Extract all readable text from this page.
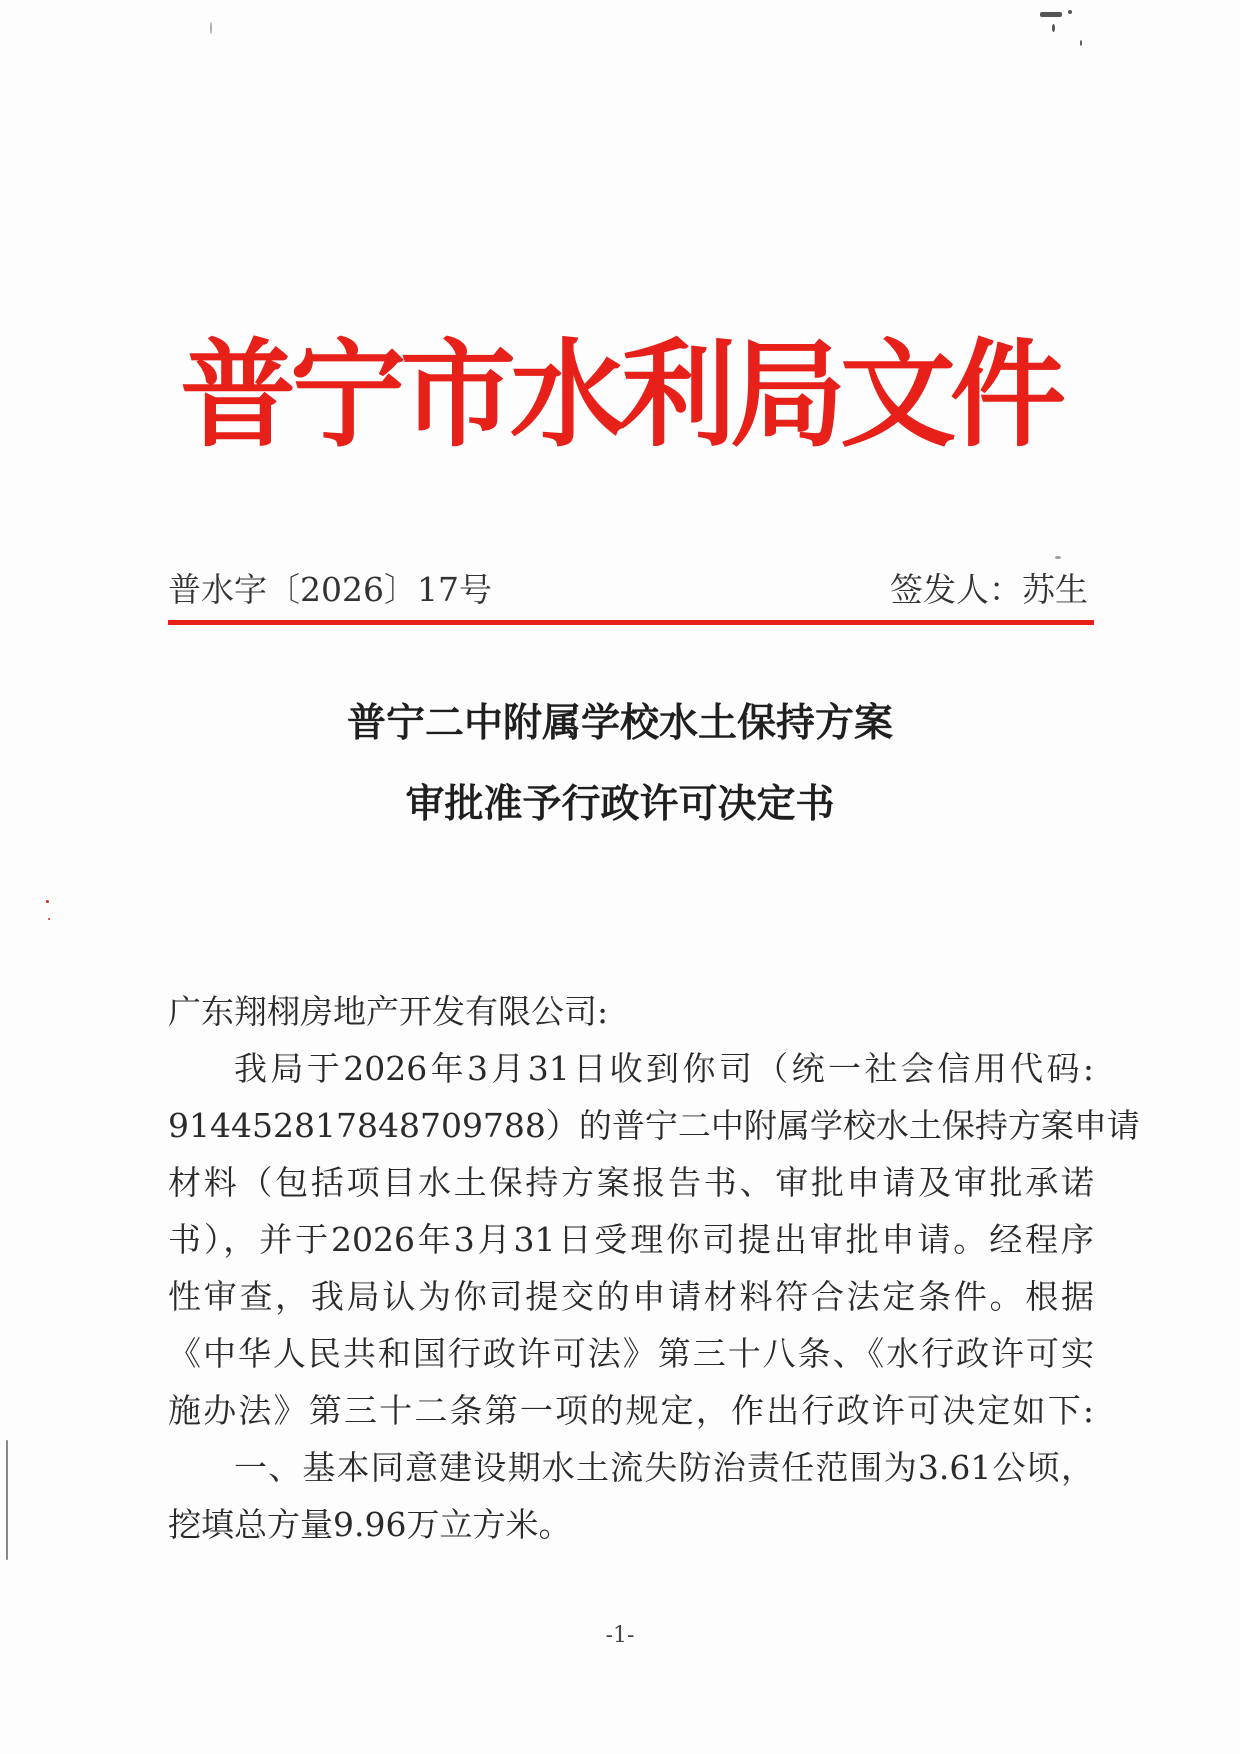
普宁市水利局文件
普水字〔2026〕17号	签发人：苏生
普宁二中附属学校水土保持方案
审批准予行政许可决定书
广东翔栩房地产开发有限公司:
我局于2026年3月31日收到你司（统一社会信用代码:
914452817848709788）的普宁二中附属学校水土保持方案申请
材料（包括项目水土保持方案报告书、审批申请及审批承诺
书），并于2026年3月31日受理你司提出审批申请。经程序
性审查，我局认为你司提交的申请材料符合法定条件。根据
《中华人民共和国行政许可法》第三十八条、《水行政许可实
施办法》第三十二条第一项的规定，作出行政许可决定如下:
一、基本同意建设期水土流失防治责任范围为3.61公顷，
挖填总方量9.96万立方米。
-1-
